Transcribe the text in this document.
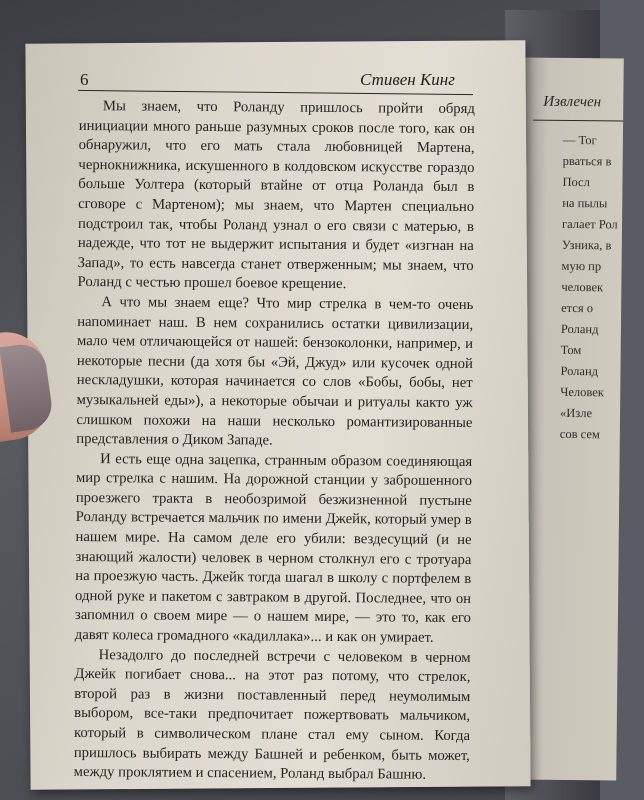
Извлечен
— Тог
рваться в
Посл
на пылы
галает Рол
Узника, в
мую пр
человек
ется о
Роланд
Том
Роланд
Человек
«Изле
сов сем
6	Стивен Кинг

Мы знаем, что Роланду пришлось пройти обряд инициации много раньше разумных сроков после того, как он обнаружил, что его мать стала любовницей Мартена, чернокнижника, искушенного в колдовском искусстве гораздо больше Уолтера (который втайне от отца Роланда был в сговоре с Мартеном); мы знаем, что Мартен специально подстроил так, чтобы Роланд узнал о его связи с матерью, в надежде, что тот не выдержит испытания и будет «изгнан на Запад», то есть навсегда станет отверженным; мы знаем, что Роланд с честью прошел боевое крещение.

А что мы знаем еще? Что мир стрелка в чем-то очень напоминает наш. В нем сохранились остатки цивилизации, мало чем отличающейся от нашей: бензоколонки, например, и некоторые песни (да хотя бы «Эй, Джуд» или кусочек одной нескладушки, которая начинается со слов «Бобы, бобы, нет музыкальней еды»), а некоторые обычаи и ритуалы както уж слишком похожи на наши несколько романтизированные представления о Диком Западе.

И есть еще одна зацепка, странным образом соединяющая мир стрелка с нашим. На дорожной станции у заброшенного проезжего тракта в необозримой безжизненной пустыне Роланду встречается мальчик по имени Джейк, который умер в нашем мире. На самом деле его убили: вездесущий (и не знающий жалости) человек в черном столкнул его с тротуара на проезжую часть. Джейк тогда шагал в школу с портфелем в одной руке и пакетом с завтраком в другой. Последнее, что он запомнил о своем мире — о нашем мире, — это то, как его давят колеса громадного «кадиллака»... и как он умирает.

Незадолго до последней встречи с человеком в черном Джейк погибает снова... на этот раз потому, что стрелок, второй раз в жизни поставленный перед неумолимым выбором, все-таки предпочитает пожертвовать мальчиком, который в символическом плане стал ему сыном. Когда пришлось выбирать между Башней и ребенком, быть может, между проклятием и спасением, Роланд выбрал Башню.
